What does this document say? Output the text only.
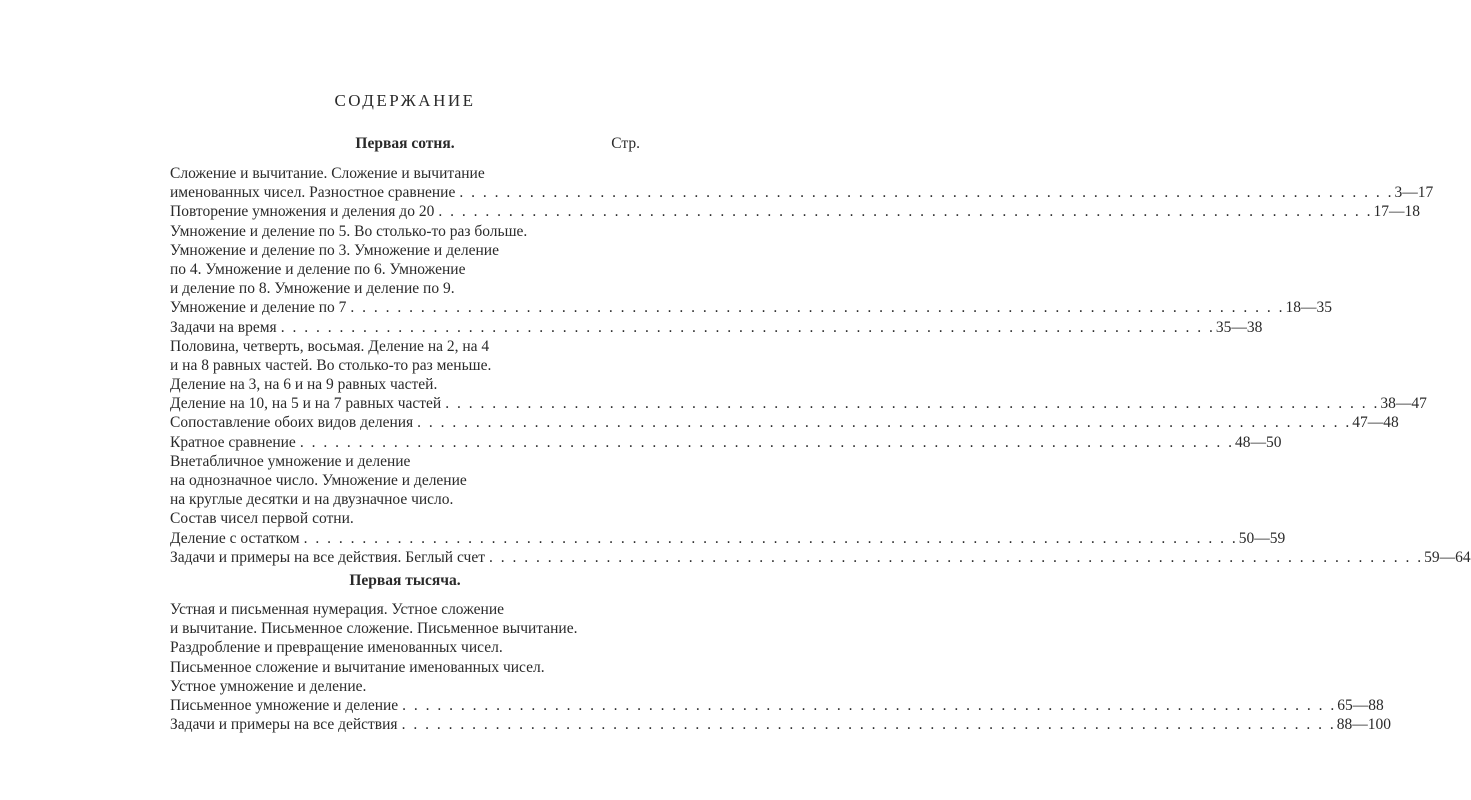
СОДЕРЖАНИЕ
Первая сотня.	Стр.
Сложение и вычитание. Сложение и вычитание
именованных чисел. Разностное сравнение . . . . . . . . . . . . . . . . . . . . . . . . . . . . . . . . . . . . . . . . . . . . . . . . . . . . . . . . . . . . . . . . . . . . . . . . . . . . . . . . 3—17
Повторение умножения и деления до 20 . . . . . . . . . . . . . . . . . . . . . . . . . . . . . . . . . . . . . . . . . . . . . . . . . . . . . . . . . . . . . . . . . . . . . . . . . . . . . . . . 17—18
Умножение и деление по 5. Во столько-то раз больше.
Умножение и деление по 3. Умножение и деление
по 4. Умножение и деление по 6. Умножение
и деление по 8. Умножение и деление по 9.
Умножение и деление по 7 . . . . . . . . . . . . . . . . . . . . . . . . . . . . . . . . . . . . . . . . . . . . . . . . . . . . . . . . . . . . . . . . . . . . . . . . . . . . . . . . 18—35
Задачи на время . . . . . . . . . . . . . . . . . . . . . . . . . . . . . . . . . . . . . . . . . . . . . . . . . . . . . . . . . . . . . . . . . . . . . . . . . . . . . . . . 35—38
Половина, четверть, восьмая. Деление на 2, на 4
и на 8 равных частей. Во столько-то раз меньше.
Деление на 3, на 6 и на 9 равных частей.
Деление на 10, на 5 и на 7 равных частей . . . . . . . . . . . . . . . . . . . . . . . . . . . . . . . . . . . . . . . . . . . . . . . . . . . . . . . . . . . . . . . . . . . . . . . . . . . . . . . . 38—47
Сопоставление обоих видов деления . . . . . . . . . . . . . . . . . . . . . . . . . . . . . . . . . . . . . . . . . . . . . . . . . . . . . . . . . . . . . . . . . . . . . . . . . . . . . . . . 47—48
Кратное сравнение . . . . . . . . . . . . . . . . . . . . . . . . . . . . . . . . . . . . . . . . . . . . . . . . . . . . . . . . . . . . . . . . . . . . . . . . . . . . . . . . 48—50
Внетабличное умножение и деление
на однозначное число. Умножение и деление
на круглые десятки и на двузначное число.
Состав чисел первой сотни.
Деление с остатком . . . . . . . . . . . . . . . . . . . . . . . . . . . . . . . . . . . . . . . . . . . . . . . . . . . . . . . . . . . . . . . . . . . . . . . . . . . . . . . . 50—59
Задачи и примеры на все действия. Беглый счет . . . . . . . . . . . . . . . . . . . . . . . . . . . . . . . . . . . . . . . . . . . . . . . . . . . . . . . . . . . . . . . . . . . . . . . . . . . . . . . . 59—64
Первая тысяча.
Устная и письменная нумерация. Устное сложение
и вычитание. Письменное сложение. Письменное вычитание.
Раздробление и превращение именованных чисел.
Письменное сложение и вычитание именованных чисел.
Устное умножение и деление.
Письменное умножение и деление . . . . . . . . . . . . . . . . . . . . . . . . . . . . . . . . . . . . . . . . . . . . . . . . . . . . . . . . . . . . . . . . . . . . . . . . . . . . . . . . 65—88
Задачи и примеры на все действия . . . . . . . . . . . . . . . . . . . . . . . . . . . . . . . . . . . . . . . . . . . . . . . . . . . . . . . . . . . . . . . . . . . . . . . . . . . . . . . . 88—100
